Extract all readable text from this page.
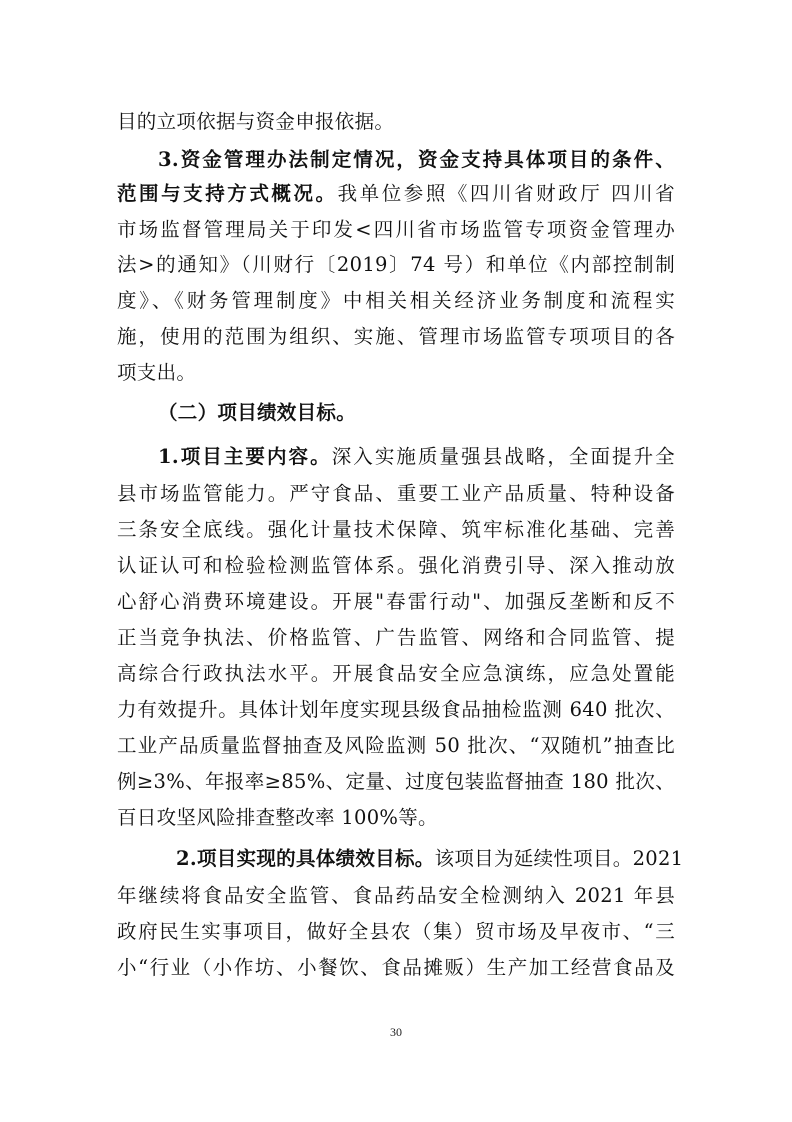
目的立项依据与资金申报依据。
3.资金管理办法制定情况，资金支持具体项目的条件、
范围与支持方式概况。我单位参照《四川省财政厅 四川省
市场监督管理局关于印发<四川省市场监管专项资金管理办
法>的通知》（川财行〔2019〕74 号）和单位《内部控制制
度》、《财务管理制度》中相关相关经济业务制度和流程实
施，使用的范围为组织、实施、管理市场监管专项项目的各
项支出。
（二）项目绩效目标。
1.项目主要内容。深入实施质量强县战略，全面提升全
县市场监管能力。严守食品、重要工业产品质量、特种设备
三条安全底线。强化计量技术保障、筑牢标准化基础、完善
认证认可和检验检测监管体系。强化消费引导、深入推动放
心舒心消费环境建设。开展"春雷行动"、加强反垄断和反不
正当竞争执法、价格监管、广告监管、网络和合同监管、提
高综合行政执法水平。开展食品安全应急演练，应急处置能
力有效提升。具体计划年度实现县级食品抽检监测 640 批次、
工业产品质量监督抽查及风险监测 50 批次、“双随机”抽查比
例≥3%、年报率≥85%、定量、过度包装监督抽查 180 批次、
百日攻坚风险排查整改率 100%等。
2.项目实现的具体绩效目标。该项目为延续性项目。2021
年继续将食品安全监管、食品药品安全检测纳入 2021 年县
政府民生实事项目，做好全县农（集）贸市场及早夜市、“三
小“行业（小作坊、小餐饮、食品摊贩）生产加工经营食品及
30
